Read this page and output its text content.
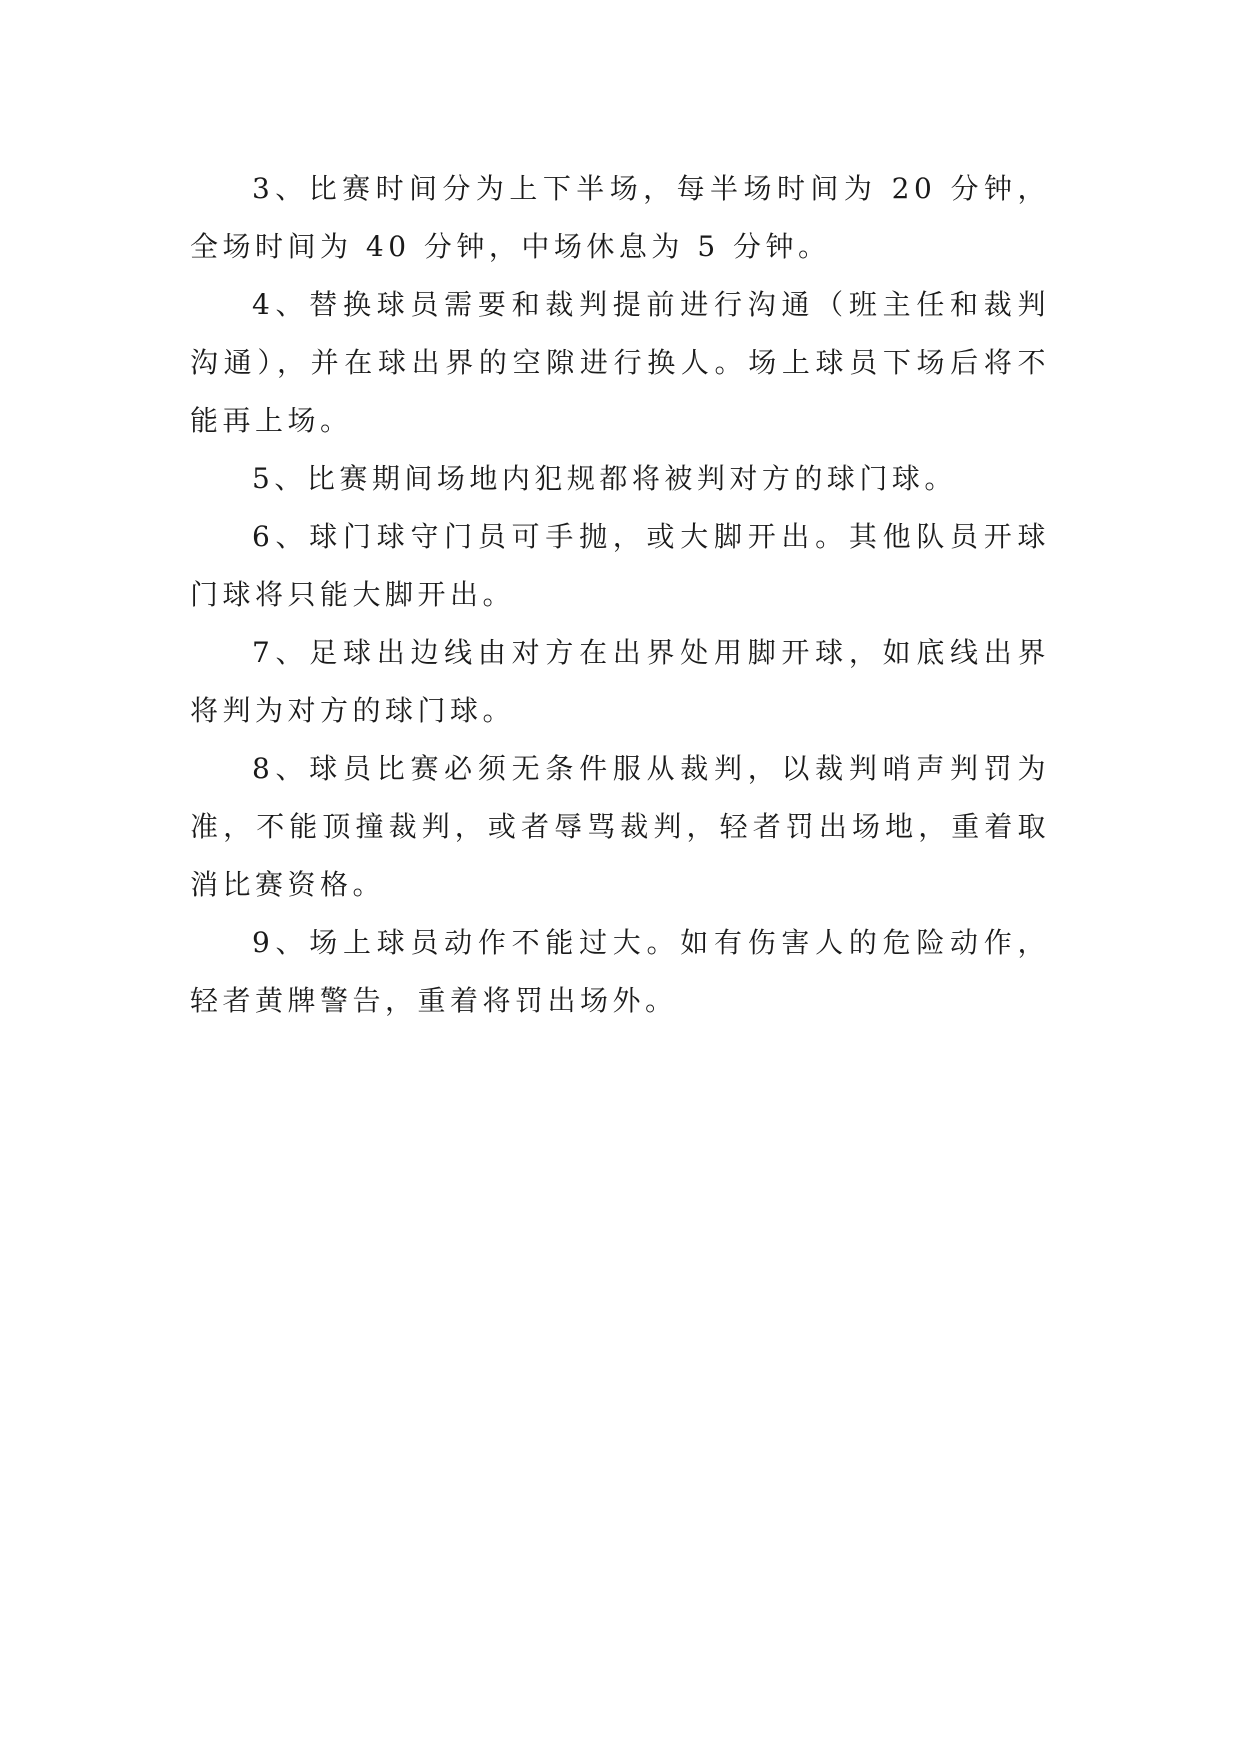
3、比赛时间分为上下半场，每半场时间为 20 分钟，全场时间为 40 分钟，中场休息为 5 分钟。

4、替换球员需要和裁判提前进行沟通（班主任和裁判沟通），并在球出界的空隙进行换人。场上球员下场后将不能再上场。

5、比赛期间场地内犯规都将被判对方的球门球。

6、球门球守门员可手抛，或大脚开出。其他队员开球门球将只能大脚开出。

7、足球出边线由对方在出界处用脚开球，如底线出界将判为对方的球门球。

8、球员比赛必须无条件服从裁判，以裁判哨声判罚为准，不能顶撞裁判，或者辱骂裁判，轻者罚出场地，重着取消比赛资格。

9、场上球员动作不能过大。如有伤害人的危险动作，轻者黄牌警告，重着将罚出场外。
